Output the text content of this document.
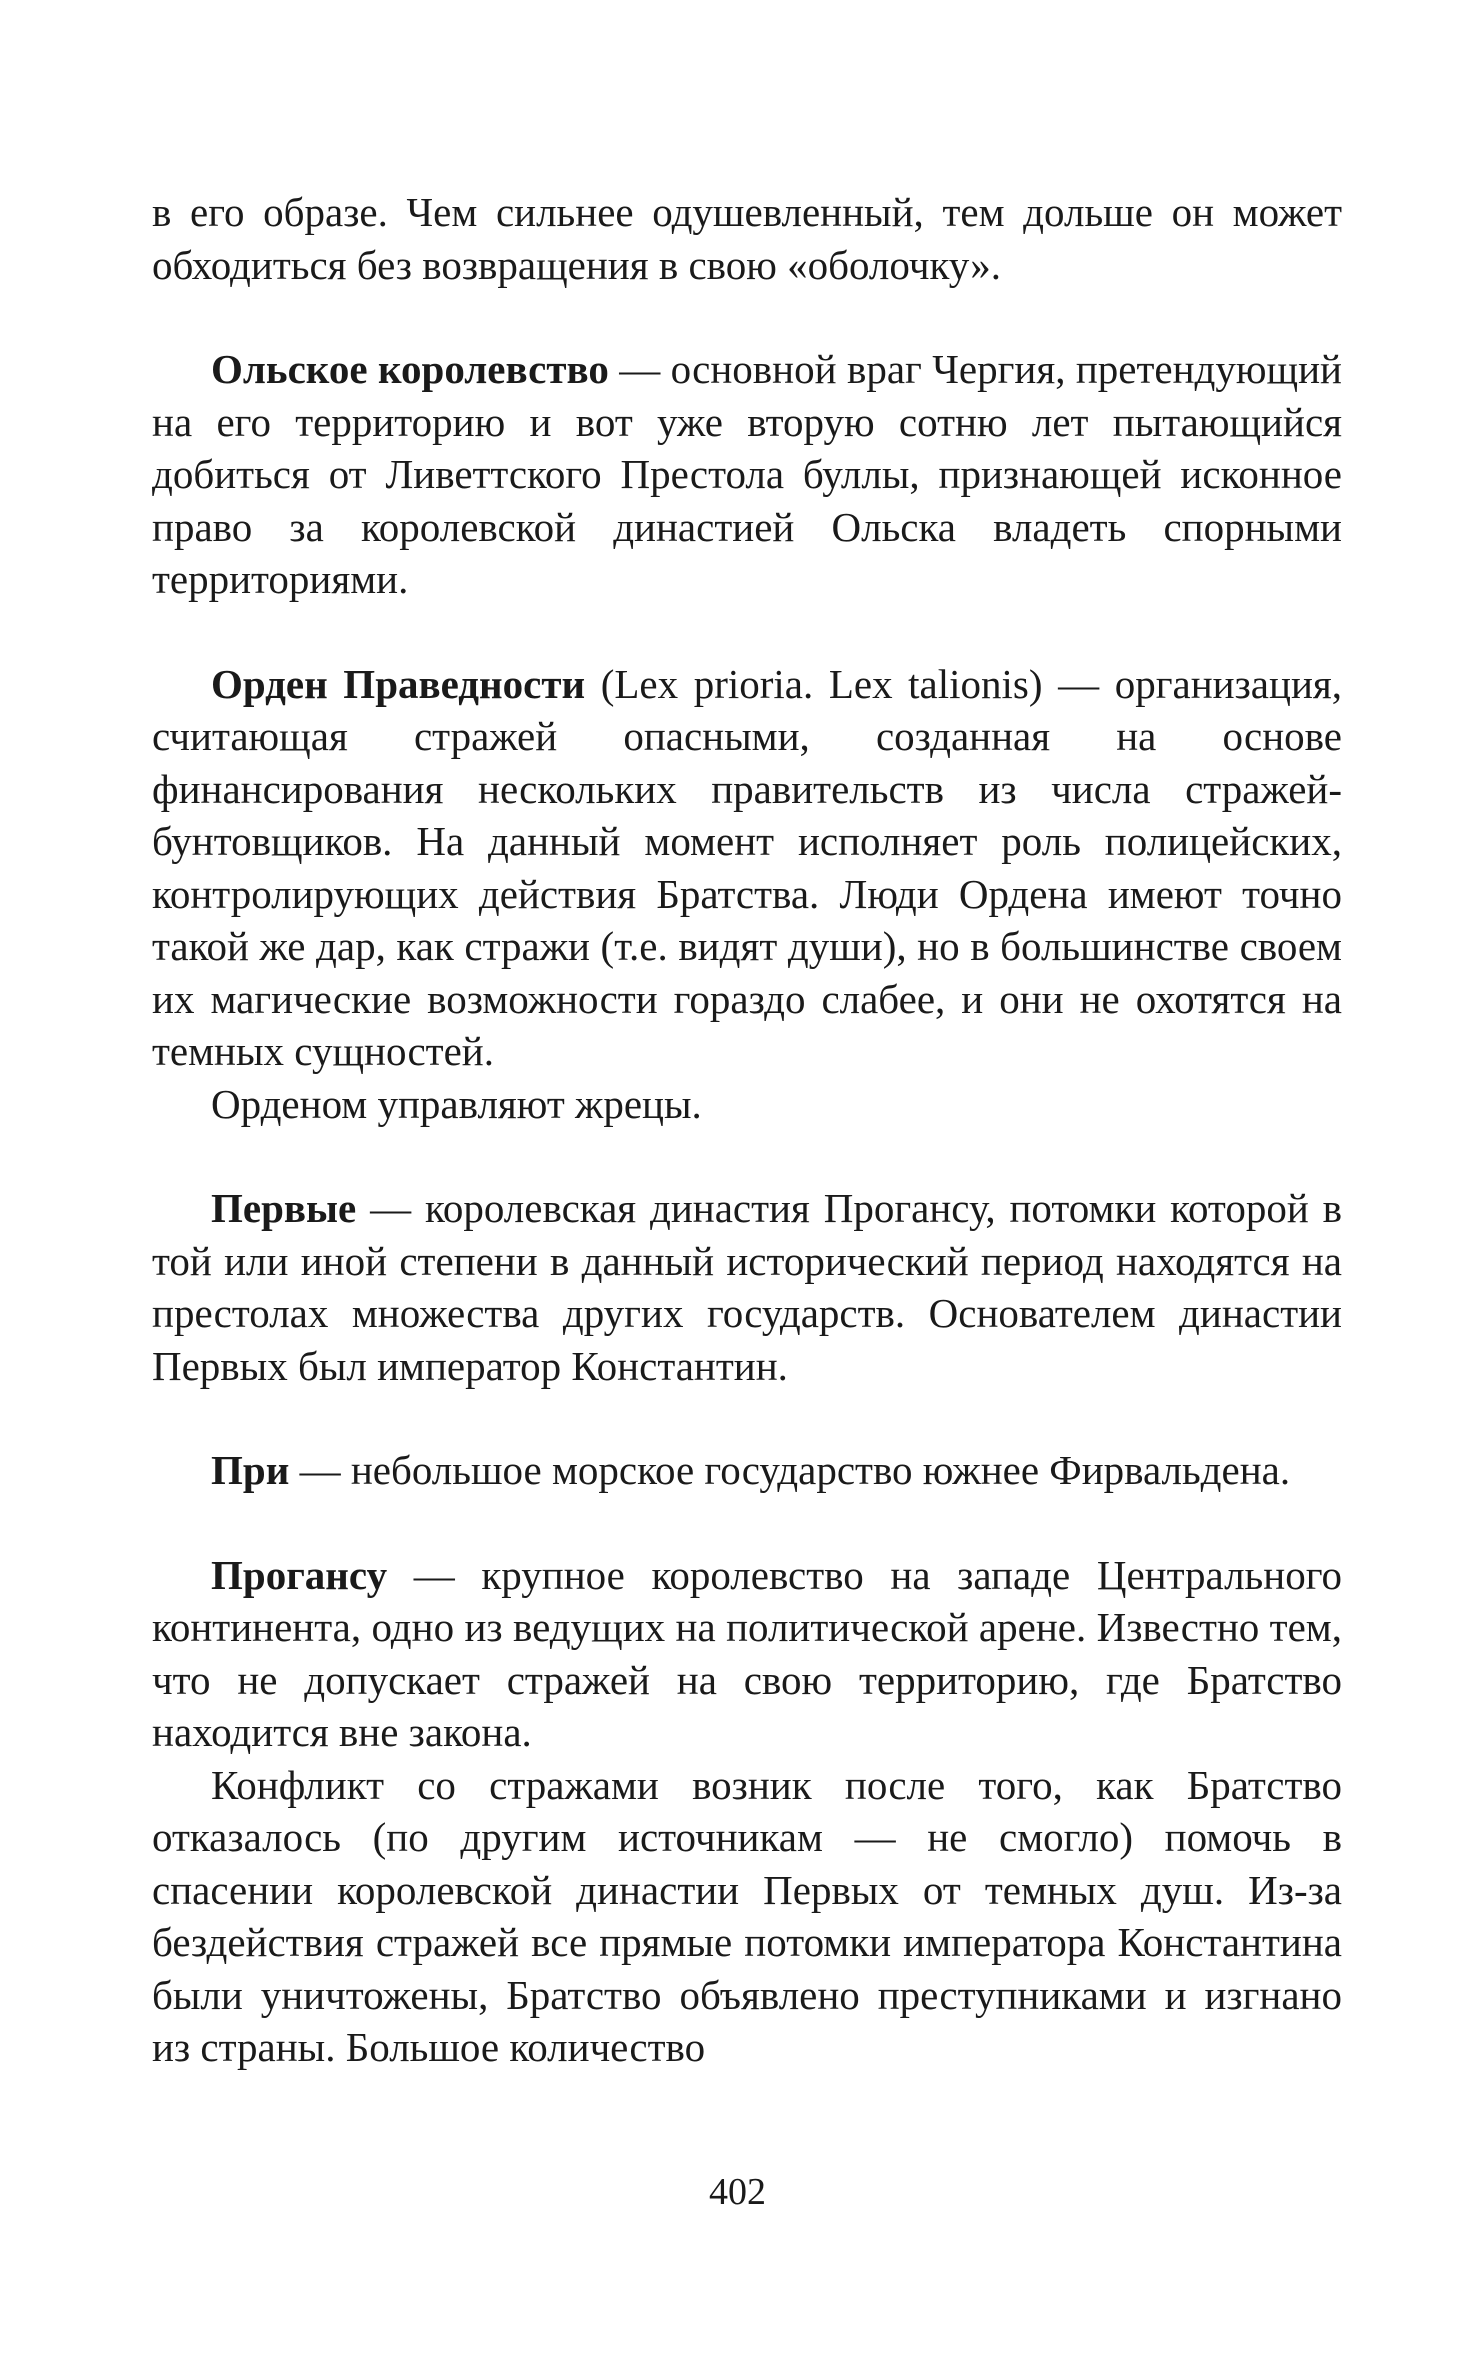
в его образе. Чем сильнее одушевленный, тем дольше он может обходиться без возвращения в свою «оболочку».

Ольское королевство — основной враг Чергия, претендующий на его территорию и вот уже вторую сотню лет пытающийся добиться от Ливеттского Престола буллы, признающей исконное право за королевской династией Ольска владеть спорными территориями.

Орден Праведности (Lex prioria. Lex talionis) — организация, считающая стражей опасными, созданная на основе финансирования нескольких правительств из числа стражей-бунтовщиков. На данный момент исполняет роль полицейских, контролирующих действия Братства. Люди Ордена имеют точно такой же дар, как стражи (т.е. видят души), но в большинстве своем их магические возможности гораздо слабее, и они не охотятся на темных сущностей.

Орденом управляют жрецы.

Первые — королевская династия Прогансу, потомки которой в той или иной степени в данный исторический период находятся на престолах множества других государств. Основателем династии Первых был император Константин.

При — небольшое морское государство южнее Фирвальдена.

Прогансу — крупное королевство на западе Центрального континента, одно из ведущих на политической арене. Известно тем, что не допускает стражей на свою территорию, где Братство находится вне закона.

Конфликт со стражами возник после того, как Братство отказалось (по другим источникам — не смогло) помочь в спасении королевской династии Первых от темных душ. Из-за бездействия стражей все прямые потомки императора Константина были уничтожены, Братство объявлено преступниками и изгнано из страны. Большое количество

402
